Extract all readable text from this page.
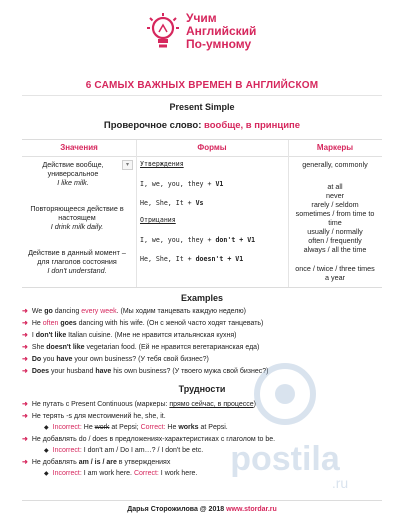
Учим
Английский
По-умному
6 САМЫХ ВАЖНЫХ ВРЕМЕН В АНГЛИЙСКОМ
Present Simple
Проверочное слово: вообще, в принципе
Значения	Формы	Маркеры
▾
Действие вообще, универсальное
I like milk.
Повторяющееся действие в настоящем
I drink milk daily.
Действие в данный момент – для глаголов состояния
I don't understand.
Утверждения
I, we, you, they + V1
He, She, It + Vs
Отрицания
I, we, you, they + don't + V1
He, She, It + doesn't + V1
generally, commonly
at all
never
rarely / seldom
sometimes / from time to
time
usually / normally
often / frequently
always / all the time
once / twice / three times
a year
Examples
➜ We go dancing every week. (Мы ходим танцевать каждую неделю)
➜ He often goes dancing with his wife. (Он с женой часто ходят танцевать)
➜ I don't like Italian cuisine. (Мне не нравится итальянская кухня)
➜ She doesn't like vegetarian food. (Ей не нравится вегетарианская еда)
➜ Do you have your own business? (У тебя свой бизнес?)
➜ Does your husband have his own business? (У твоего мужа свой бизнес?)
Трудности
➜ Не путать с Present Continuous (маркеры: прямо сейчас, в процессе)
➜ Не терять -s для местоимений he, she, it.
◆ Incorrect: He work at Pepsi; Correct: He works at Pepsi.
➜ Не добавлять do / does в предложениях-характеристиках с глаголом to be.
◆ Incorrect: I don't am / Do I am…? / I don't be etc.
➜ Не добавлять am / is / are в утверждениях
◆ Incorrect: I am work here. Correct: I work here. postila
.ru
Дарья Сторожилова @ 2018 www.stordar.ru
